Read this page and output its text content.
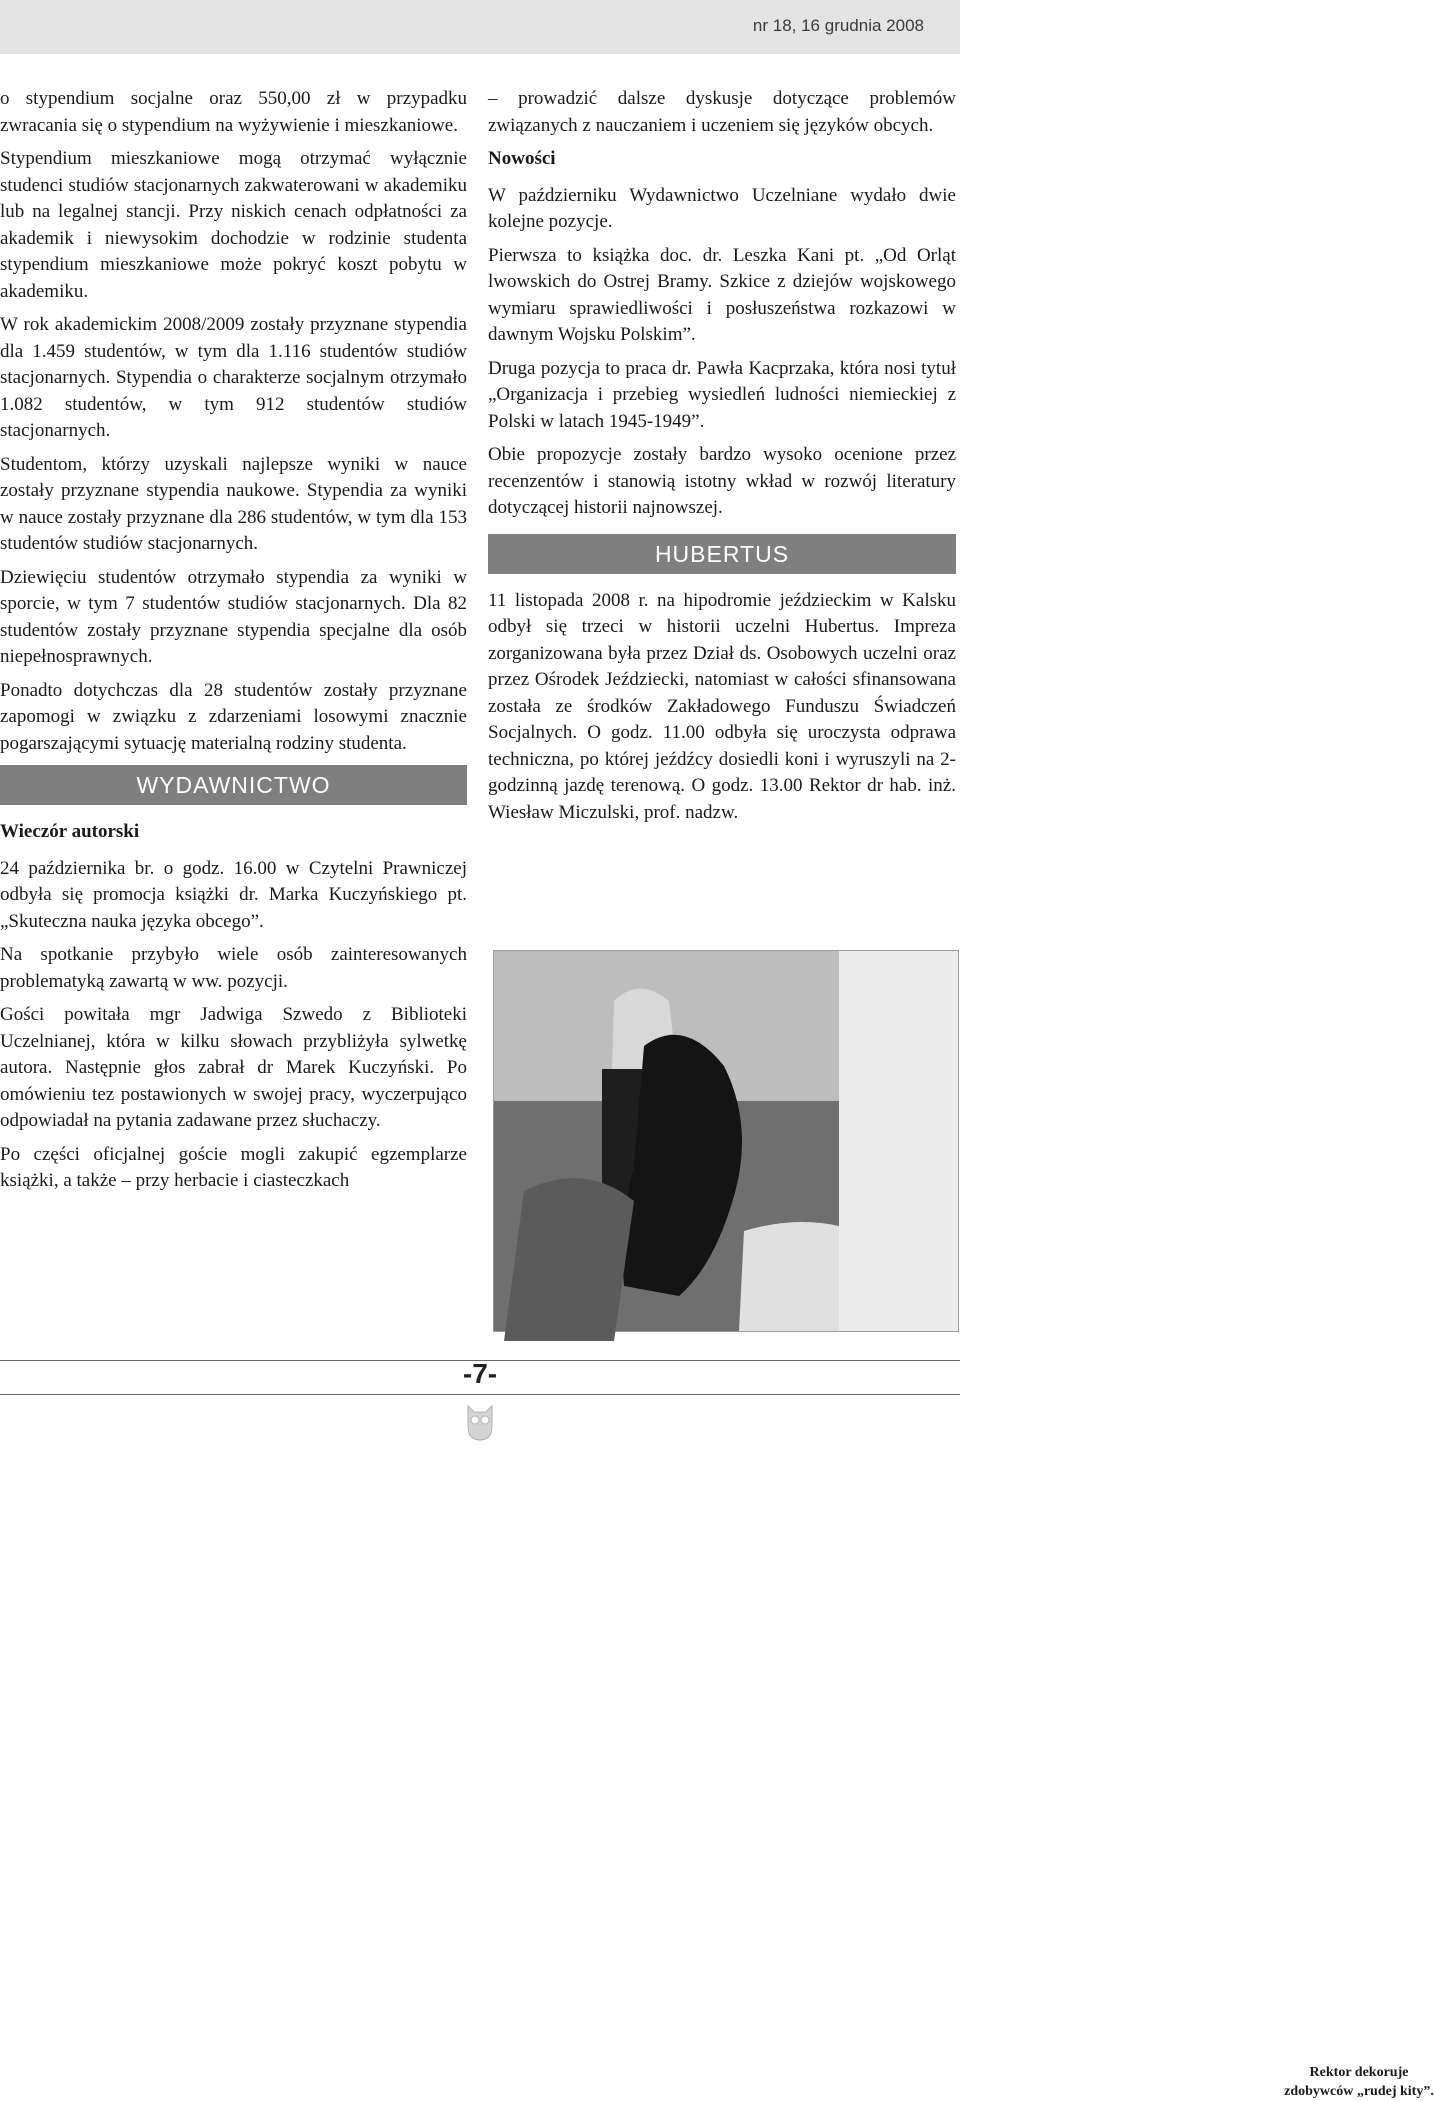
nr 18, 16 grudnia 2008

o stypendium socjalne oraz 550,00 zł w przypadku zwracania się o stypendium na wyżywienie i mieszkaniowe.

Stypendium mieszkaniowe mogą otrzymać wyłącznie studenci studiów stacjonarnych zakwaterowani w akademiku lub na legalnej stancji. Przy niskich cenach odpłatności za akademik i niewysokim dochodzie w rodzinie studenta stypendium mieszkaniowe może pokryć koszt pobytu w akademiku.

W rok akademickim 2008/2009 zostały przyznane stypendia dla 1.459 studentów, w tym dla 1.116 studentów studiów stacjonarnych. Stypendia o charakterze socjalnym otrzymało 1.082 studentów, w tym 912 studentów studiów stacjonarnych.

Studentom, którzy uzyskali najlepsze wyniki w nauce zostały przyznane stypendia naukowe. Stypendia za wyniki w nauce zostały przyznane dla 286 studentów, w tym dla 153 studentów studiów stacjonarnych.

Dziewięciu studentów otrzymało stypendia za wyniki w sporcie, w tym 7 studentów studiów stacjonarnych. Dla 82 studentów zostały przyznane stypendia specjalne dla osób niepełnosprawnych.

Ponadto dotychczas dla 28 studentów zostały przyznane zapomogi w związku z zdarzeniami losowymi znacznie pogarszającymi sytuację materialną rodziny studenta.

WYDAWNICTWO
Wieczór autorski

24 października br. o godz. 16.00 w Czytelni Prawniczej odbyła się promocja książki dr. Marka Kuczyńskiego pt. „Skuteczna nauka języka obcego”.

Na spotkanie przybyło wiele osób zainteresowanych problematyką zawartą w ww. pozycji.

Gości powitała mgr Jadwiga Szwedo z Biblioteki Uczelnianej, która w kilku słowach przybliżyła sylwetkę autora. Następnie głos zabrał dr Marek Kuczyński. Po omówieniu tez postawionych w swojej pracy, wyczerpująco odpowiadał na pytania zadawane przez słuchaczy.

Po części oficjalnej goście mogli zakupić egzemplarze książki, a także – przy herbacie i ciasteczkach

– prowadzić dalsze dyskusje dotyczące problemów związanych z nauczaniem i uczeniem się języków obcych.

Nowości

W październiku Wydawnictwo Uczelniane wydało dwie kolejne pozycje.

Pierwsza to książka doc. dr. Leszka Kani pt. „Od Orląt lwowskich do Ostrej Bramy. Szkice z dziejów wojskowego wymiaru sprawiedliwości i posłuszeństwa rozkazowi w dawnym Wojsku Polskim”.

Druga pozycja to praca dr. Pawła Kacprzaka, która nosi tytuł „Organizacja i przebieg wysiedleń ludności niemieckiej z Polski w latach 1945-1949”.

Obie propozycje zostały bardzo wysoko ocenione przez recenzentów i stanowią istotny wkład w rozwój literatury dotyczącej historii najnowszej.

HUBERTUS

11 listopada 2008 r. na hipodromie jeździeckim w Kalsku odbył się trzeci w historii uczelni Hubertus. Impreza zorganizowana była przez Dział ds. Osobowych uczelni oraz przez Ośrodek Jeździecki, natomiast w całości sfinansowana została ze środków Zakładowego Funduszu Świadczeń Socjalnych. O godz. 11.00 odbyła się uroczysta odprawa techniczna, po której jeźdźcy dosiedli koni i wyruszyli na 2-godzinną jazdę terenową. O godz. 13.00 Rektor dr hab. inż. Wiesław Miczulski, prof. nadzw.

Rektor dekoruje zdobywców „rudej kity”.
-7-
